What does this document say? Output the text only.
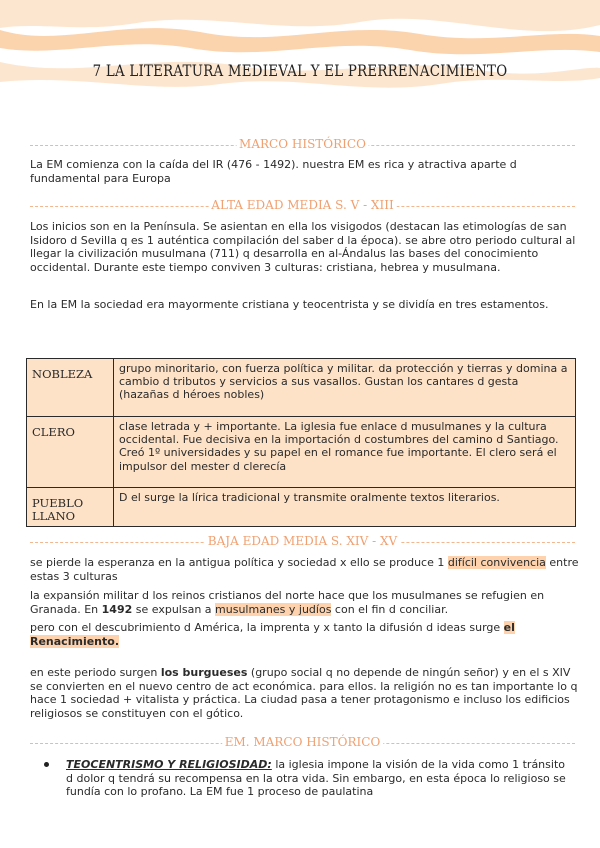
7 LA LITERATURA MEDIEVAL Y EL PRERRENACIMIENTO
MARCO HISTÓRICO

La EM comienza con la caída del IR (476 - 1492). nuestra EM es rica y atractiva aparte d fundamental para Europa

ALTA EDAD MEDIA S. V - XIII

Los inicios son en la Península. Se asientan en ella los visigodos (destacan las etimologías de san Isidoro d Sevilla q es 1 auténtica compilación del saber d la época). se abre otro periodo cultural al llegar la civilización musulmana (711) q desarrolla en al-Ándalus las bases del conocimiento occidental. Durante este tiempo conviven 3 culturas: cristiana, hebrea y musulmana.

En la EM la sociedad era mayormente cristiana y teocentrista y se dividía en tres estamentos.

NOBLEZA	grupo minoritario, con fuerza política y militar. da protección y tierras y domina a cambio d tributos y servicios a sus vasallos. Gustan los cantares d gesta (hazañas d héroes nobles)
CLERO	clase letrada y + importante. La iglesia fue enlace d musulmanes y la cultura occidental. Fue decisiva en la importación d costumbres del camino d Santiago. Creó 1º universidades y su papel en el romance fue importante. El clero será el impulsor del mester d clerecía
PUEBLO LLANO	D el surge la lírica tradicional y transmite oralmente textos literarios.
BAJA EDAD MEDIA S. XIV - XV

se pierde la esperanza en la antigua política y sociedad x ello se produce 1 difícil convivencia entre estas 3 culturas

la expansión militar d los reinos cristianos del norte hace que los musulmanes se refugien en Granada. En 1492 se expulsan a musulmanes y judíos con el fin d conciliar.

pero con el descubrimiento d América, la imprenta y x tanto la difusión d ideas surge el Renacimiento.

en este periodo surgen los burgueses (grupo social q no depende de ningún señor) y en el s XIV se convierten en el nuevo centro de act económica. para ellos. la religión no es tan importante lo q hace 1 sociedad + vitalista y práctica. La ciudad pasa a tener protagonismo e incluso los edificios religiosos se constituyen con el gótico.

EM. MARCO HISTÓRICO

TEOCENTRISMO Y RELIGIOSIDAD: la iglesia impone la visión de la vida como 1 tránsito d dolor q tendrá su recompensa en la otra vida. Sin embargo, en esta época lo religioso se fundía con lo profano. La EM fue 1 proceso de paulatina
